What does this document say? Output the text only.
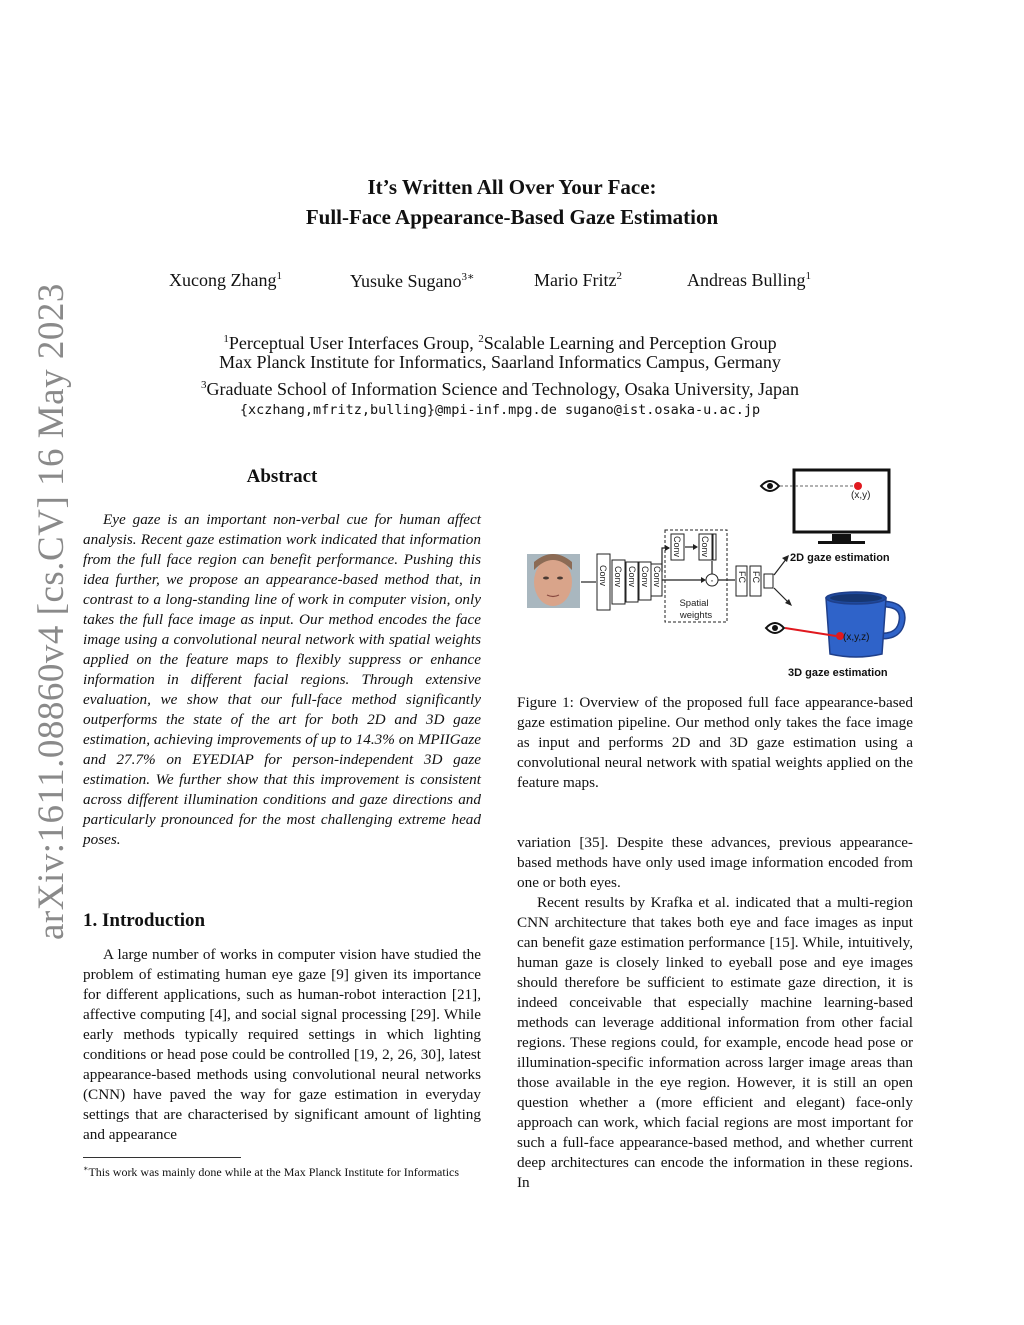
It’s Written All Over Your Face:
Full-Face Appearance-Based Gaze Estimation
Xucong Zhang$^1$	Yusuke Sugano$^{3∗}$	Mario Fritz$^2$	Andreas Bulling$^1$
$^1$Perceptual User Interfaces Group, $^2$Scalable Learning and Perception Group
Max Planck Institute for Informatics, Saarland Informatics Campus, Germany
$^3$Graduate School of Information Science and Technology, Osaka University, Japan
{xczhang,mfritz,bulling}@mpi-inf.mpg.de sugano@ist.osaka-u.ac.jp
arXiv:1611.08860v4 [cs.CV] 16 May 2023	Abstract
Eye gaze is an important non-verbal cue for human affect analysis. Recent gaze estimation work indicated that information from the full face region can benefit performance. Pushing this idea further, we propose an appearance-based method that, in contrast to a long-standing line of work in computer vision, only takes the full face image as input. Our method encodes the face image using a convolutional neural network with spatial weights applied on the feature maps to flexibly suppress or enhance information in different facial regions. Through extensive evaluation, we show that our full-face method significantly outperforms the state of the art for both 2D and 3D gaze estimation, achieving improvements of up to 14.3% on MPIIGaze and 27.7% on EYEDIAP for person-independent 3D gaze estimation. We further show that this improvement is consistent across different illumination conditions and gaze directions and particularly pronounced for the most challenging extreme head poses.
1. Introduction
A large number of works in computer vision have studied the problem of estimating human eye gaze [9] given its importance for different applications, such as human-robot interaction [21], affective computing [4], and social signal processing [29]. While early methods typically required settings in which lighting conditions or head pose could be controlled [19, 2, 26, 30], latest appearance-based methods using convolutional neural networks (CNN) have paved the way for gaze estimation in everyday settings that are characterised by significant amount of lighting and appearance
∗This work was mainly done while at the Max Planck Institute for Informatics
Conv Conv Conv Conv Conv
Conv Conv
·
Spatial
weights
FC FC
(x,y)
2D gaze estimation
(x,y,z)
3D gaze estimation
Figure 1: Overview of the proposed full face appearance-based gaze estimation pipeline. Our method only takes the face image as input and performs 2D and 3D gaze estimation using a convolutional neural network with spatial weights applied on the feature maps.
variation [35]. Despite these advances, previous appearance-based methods have only used image information encoded from one or both eyes.
Recent results by Krafka et al. indicated that a multi-region CNN architecture that takes both eye and face images as input can benefit gaze estimation performance [15]. While, intuitively, human gaze is closely linked to eyeball pose and eye images should therefore be sufficient to estimate gaze direction, it is indeed conceivable that especially machine learning-based methods can leverage additional information from other facial regions. These regions could, for example, encode head pose or illumination-specific information across larger image areas than those available in the eye region. However, it is still an open question whether a (more efficient and elegant) face-only approach can work, which facial regions are most important for such a full-face appearance-based method, and whether current deep architectures can encode the information in these regions. In
